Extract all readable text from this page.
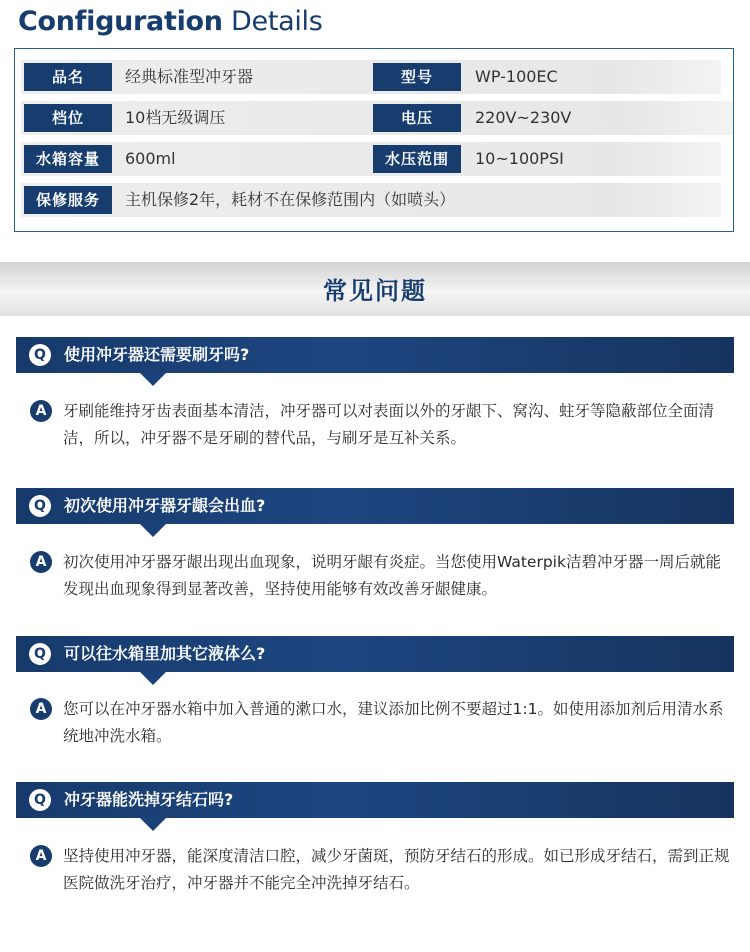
Configuration Details
品名	经典标准型冲牙器	型号	WP-100EC
档位	10档无级调压	电压	220V~230V
水箱容量	600ml	水压范围	10~100PSI
保修服务	主机保修2年，耗材不在保修范围内（如喷头）
常见问题
Q	使用冲牙器还需要刷牙吗?
A	牙刷能维持牙齿表面基本清洁，冲牙器可以对表面以外的牙龈下、窝沟、蛀牙等隐蔽部位全面清洁，所以，冲牙器不是牙刷的替代品，与刷牙是互补关系。
Q	初次使用冲牙器牙龈会出血?
A	初次使用冲牙器牙龈出现出血现象，说明牙龈有炎症。当您使用Waterpik洁碧冲牙器一周后就能发现出血现象得到显著改善，坚持使用能够有效改善牙龈健康。
Q	可以往水箱里加其它液体么?
A	您可以在冲牙器水箱中加入普通的漱口水，建议添加比例不要超过1:1。如使用添加剂后用清水系统地冲洗水箱。
Q	冲牙器能洗掉牙结石吗?
A	坚持使用冲牙器，能深度清洁口腔，减少牙菌斑，预防牙结石的形成。如已形成牙结石，需到正规医院做洗牙治疗，冲牙器并不能完全冲洗掉牙结石。
